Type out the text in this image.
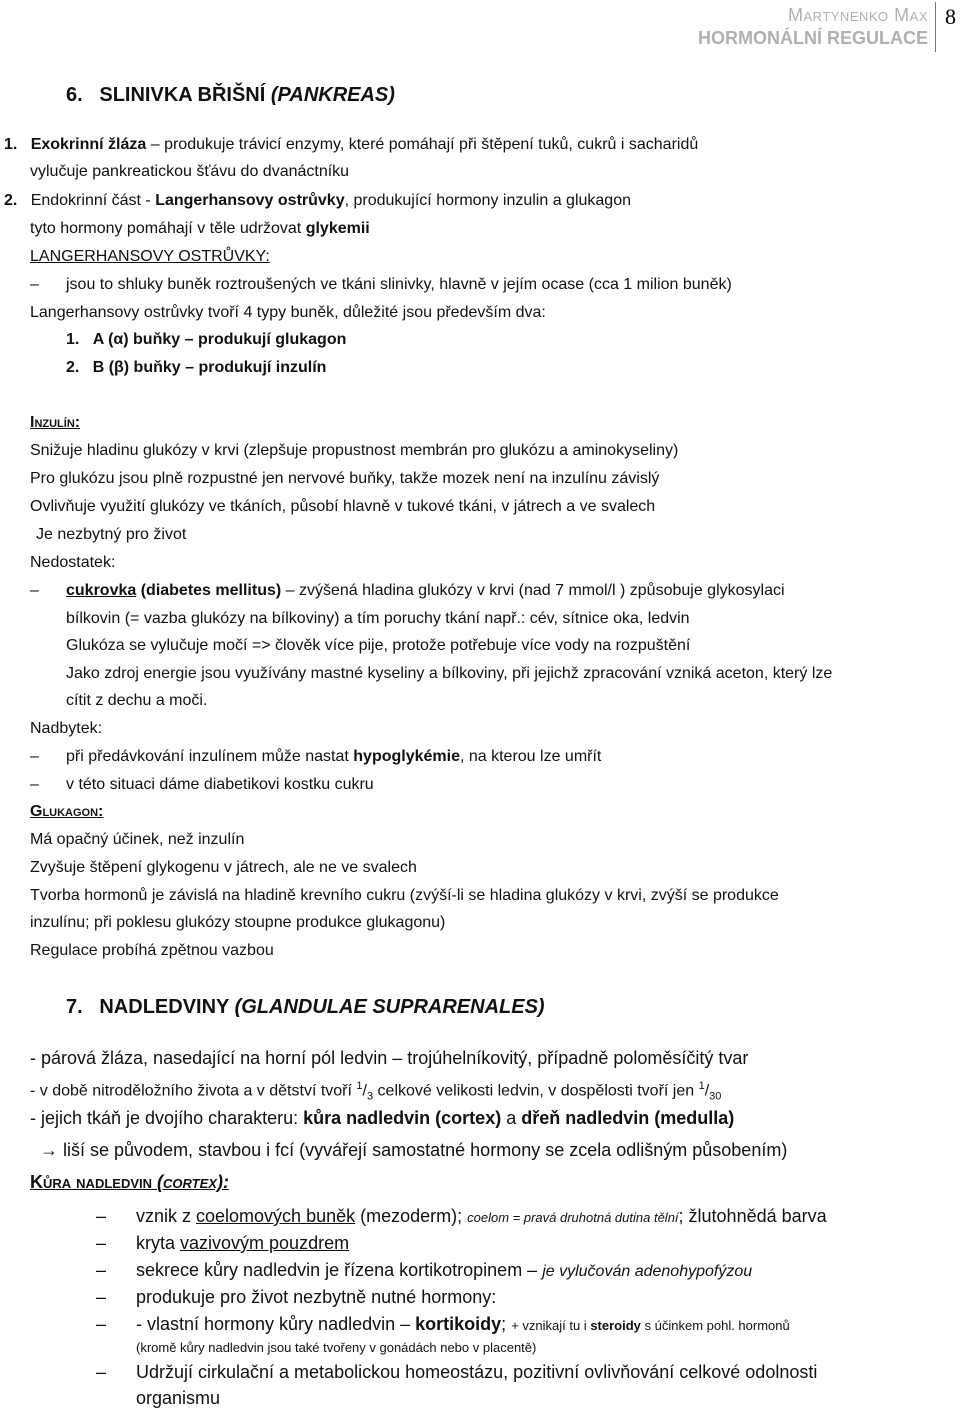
Martynenko Max
HORMONÁLNÍ REGULACE
8
6. SLINIVKA BŘIŠNÍ (PANKREAS)
1. Exokrinní žláza – produkuje trávicí enzymy, které pomáhají při štěpení tuků, cukrů i sacharidů
vylučuje pankreatickou šťávu do dvanáctníku
2. Endokrinní část - Langerhansovy ostrůvky, produkující hormony inzulin a glukagon
tyto hormony pomáhají v těle udržovat glykemii
LANGERHANSOVY OSTRŮVKY:
– jsou to shluky buněk roztroušených ve tkáni slinivky, hlavně v jejím ocase (cca 1 milion buněk)
Langerhansovy ostrůvky tvoří 4 typy buněk, důležité jsou především dva:
1. A (α) buňky – produkují glukagon
2. B (β) buňky – produkují inzulín
Inzulín:
Snižuje hladinu glukózy v krvi (zlepšuje propustnost membrán pro glukózu a aminokyseliny)
Pro glukózu jsou plně rozpustné jen nervové buňky, takže mozek není na inzulínu závislý
Ovlivňuje využití glukózy ve tkáních, působí hlavně v tukové tkáni, v játrech a ve svalech
Je nezbytný pro život
Nedostatek:
– cukrovka (diabetes mellitus) – zvýšená hladina glukózy v krvi (nad 7 mmol/l ) způsobuje glykosylaci
bílkovin (= vazba glukózy na bílkoviny) a tím poruchy tkání např.: cév, sítnice oka, ledvin
Glukóza se vylučuje močí => člověk více pije, protože potřebuje více vody na rozpuštění
Jako zdroj energie jsou využívány mastné kyseliny a bílkoviny, při jejichž zpracování vzniká aceton, který lze
cítit z dechu a moči.
Nadbytek:
– při předávkování inzulínem může nastat hypoglykémie, na kterou lze umřít
– v této situaci dáme diabetikovi kostku cukru
Glukagon:
Má opačný účinek, než inzulín
Zvyšuje štěpení glykogenu v játrech, ale ne ve svalech
Tvorba hormonů je závislá na hladině krevního cukru (zvýší-li se hladina glukózy v krvi, zvýší se produkce
inzulínu; při poklesu glukózy stoupne produkce glukagonu)
Regulace probíhá zpětnou vazbou
7. NADLEDVINY (GLANDULAE SUPRARENALES)
- párová žláza, nasedající na horní pól ledvin – trojúhelníkovitý, případně poloměsíčitý tvar
- v době nitroděložního života a v dětství tvoří $^1/_3$ celkové velikosti ledvin, v dospělosti tvoří jen $^1/_{30}$
- jejich tkáň je dvojího charakteru: kůra nadledvin (cortex) a dřeň nadledvin (medulla)
→ liší se původem, stavbou i fcí (vyvářejí samostatné hormony se zcela odlišným působením)
Kůra nadledvin (cortex):
– vznik z coelomových buněk (mezoderm); coelom = pravá druhotná dutina tělní; žlutohnědá barva
– kryta vazivovým pouzdrem
– sekrece kůry nadledvin je řízena kortikotropinem – je vylučován adenohypofýzou
– produkuje pro život nezbytně nutné hormony:
– - vlastní hormony kůry nadledvin – kortikoidy; + vznikají tu i steroidy s účinkem pohl. hormonů
(kromě kůry nadledvin jsou také tvořeny v gonádách nebo v placentě)
– Udržují cirkulační a metabolickou homeostázu, pozitivní ovlivňování celkové odolnosti
organismu
